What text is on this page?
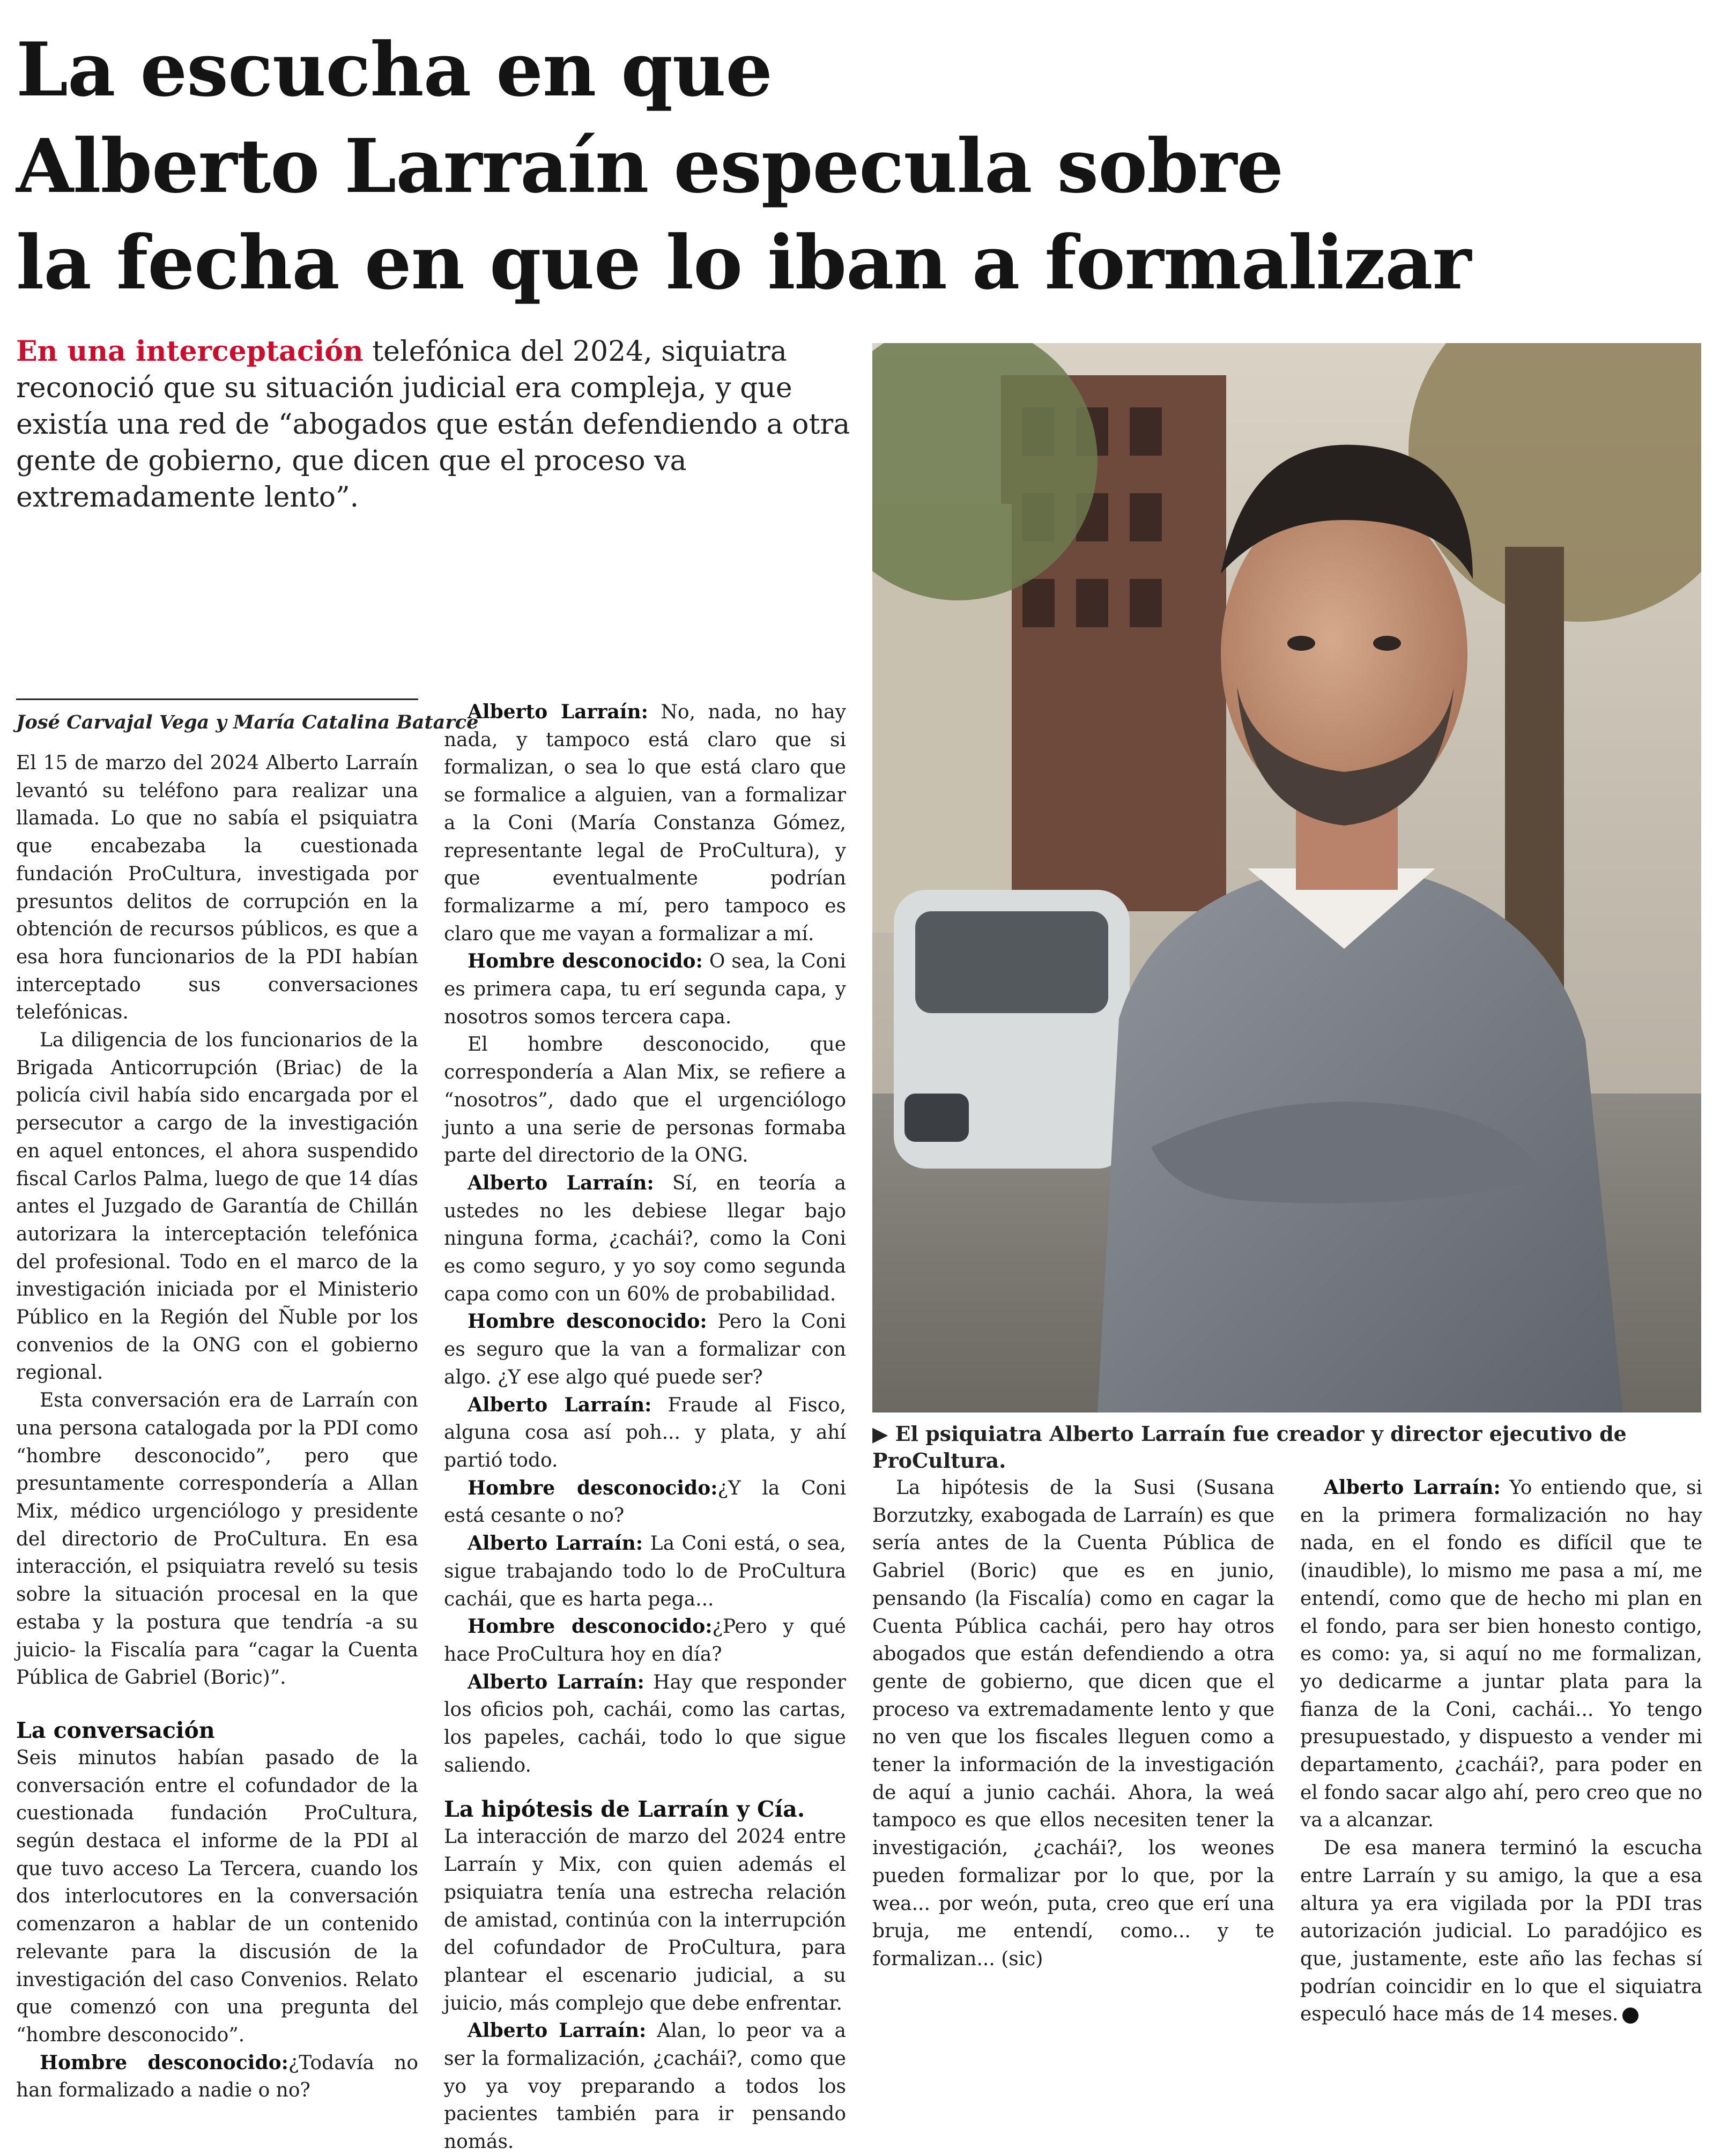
La escucha en que
Alberto Larraín especula sobre
la fecha en que lo iban a formalizar

En una interceptación telefónica del 2024, siquiatra reconoció que su situación judicial era compleja, y que existía una red de “abogados que están defendiendo a otra gente de gobierno, que dicen que el proceso va extremadamente lento”.

▶ El psiquiatra Alberto Larraín fue creador y director ejecutivo de ProCultura.

José Carvajal Vega y María Catalina Batarce

El 15 de marzo del 2024 Alberto Larraín levantó su teléfono para realizar una llamada. Lo que no sabía el psiquiatra que encabezaba la cuestionada fundación ProCultura, investigada por presuntos delitos de corrupción en la obtención de recursos públicos, es que a esa hora funcionarios de la PDI habían interceptado sus conversaciones telefónicas.

La diligencia de los funcionarios de la Brigada Anticorrupción (Briac) de la policía civil había sido encargada por el persecutor a cargo de la investigación en aquel entonces, el ahora suspendido fiscal Carlos Palma, luego de que 14 días antes el Juzgado de Garantía de Chillán autorizara la interceptación telefónica del profesional. Todo en el marco de la investigación iniciada por el Ministerio Público en la Región del Ñuble por los convenios de la ONG con el gobierno regional.

Esta conversación era de Larraín con una persona catalogada por la PDI como “hombre desconocido”, pero que presuntamente correspondería a Allan Mix, médico urgenciólogo y presidente del directorio de ProCultura. En esa interacción, el psiquiatra reveló su tesis sobre la situación procesal en la que estaba y la postura que tendría -a su juicio- la Fiscalía para “cagar la Cuenta Pública de Gabriel (Boric)”.

La conversación

Seis minutos habían pasado de la conversación entre el cofundador de la cuestionada fundación ProCultura, según destaca el informe de la PDI al que tuvo acceso La Tercera, cuando los dos interlocutores en la conversación comenzaron a hablar de un contenido relevante para la discusión de la investigación del caso Convenios. Relato que comenzó con una pregunta del “hombre desconocido”.

Hombre desconocido:¿Todavía no han formalizado a nadie o no?

Alberto Larraín: No, nada, no hay nada, y tampoco está claro que si formalizan, o sea lo que está claro que se formalice a alguien, van a formalizar a la Coni (María Constanza Gómez, representante legal de ProCultura), y que eventualmente podrían formalizarme a mí, pero tampoco es claro que me vayan a formalizar a mí.

Hombre desconocido: O sea, la Coni es primera capa, tu erí segunda capa, y nosotros somos tercera capa.

El hombre desconocido, que correspondería a Alan Mix, se refiere a “nosotros”, dado que el urgenciólogo junto a una serie de personas formaba parte del directorio de la ONG.

Alberto Larraín: Sí, en teoría a ustedes no les debiese llegar bajo ninguna forma, ¿cachái?, como la Coni es como seguro, y yo soy como segunda capa como con un 60% de probabilidad.

Hombre desconocido: Pero la Coni es seguro que la van a formalizar con algo. ¿Y ese algo qué puede ser?

Alberto Larraín: Fraude al Fisco, alguna cosa así poh... y plata, y ahí partió todo.

Hombre desconocido:¿Y la Coni está cesante o no?

Alberto Larraín: La Coni está, o sea, sigue trabajando todo lo de ProCultura cachái, que es harta pega...

Hombre desconocido:¿Pero y qué hace ProCultura hoy en día?

Alberto Larraín: Hay que responder los oficios poh, cachái, como las cartas, los papeles, cachái, todo lo que sigue saliendo.

La hipótesis de Larraín y Cía.

La interacción de marzo del 2024 entre Larraín y Mix, con quien además el psiquiatra tenía una estrecha relación de amistad, continúa con la interrupción del cofundador de ProCultura, para plantear el escenario judicial, a su juicio, más complejo que debe enfrentar.

Alberto Larraín: Alan, lo peor va a ser la formalización, ¿cachái?, como que yo ya voy preparando a todos los pacientes también para ir pensando nomás.

La hipótesis de la Susi (Susana Borzutzky, exabogada de Larraín) es que sería antes de la Cuenta Pública de Gabriel (Boric) que es en junio, pensando (la Fiscalía) como en cagar la Cuenta Pública cachái, pero hay otros abogados que están defendiendo a otra gente de gobierno, que dicen que el proceso va extremadamente lento y que no ven que los fiscales lleguen como a tener la información de la investigación de aquí a junio cachái. Ahora, la weá tampoco es que ellos necesiten tener la investigación, ¿cachái?, los weones pueden formalizar por lo que, por la wea... por weón, puta, creo que erí una bruja, me entendí, como... y te formalizan... (sic)

Alberto Larraín: Yo entiendo que, si en la primera formalización no hay nada, en el fondo es difícil que te (inaudible), lo mismo me pasa a mí, me entendí, como que de hecho mi plan en el fondo, para ser bien honesto contigo, es como: ya, si aquí no me formalizan, yo dedicarme a juntar plata para la fianza de la Coni, cachái... Yo tengo presupuestado, y dispuesto a vender mi departamento, ¿cachái?, para poder en el fondo sacar algo ahí, pero creo que no va a alcanzar.

De esa manera terminó la escucha entre Larraín y su amigo, la que a esa altura ya era vigilada por la PDI tras autorización judicial. Lo paradójico es que, justamente, este año las fechas sí podrían coincidir en lo que el siquiatra especuló hace más de 14 meses.
